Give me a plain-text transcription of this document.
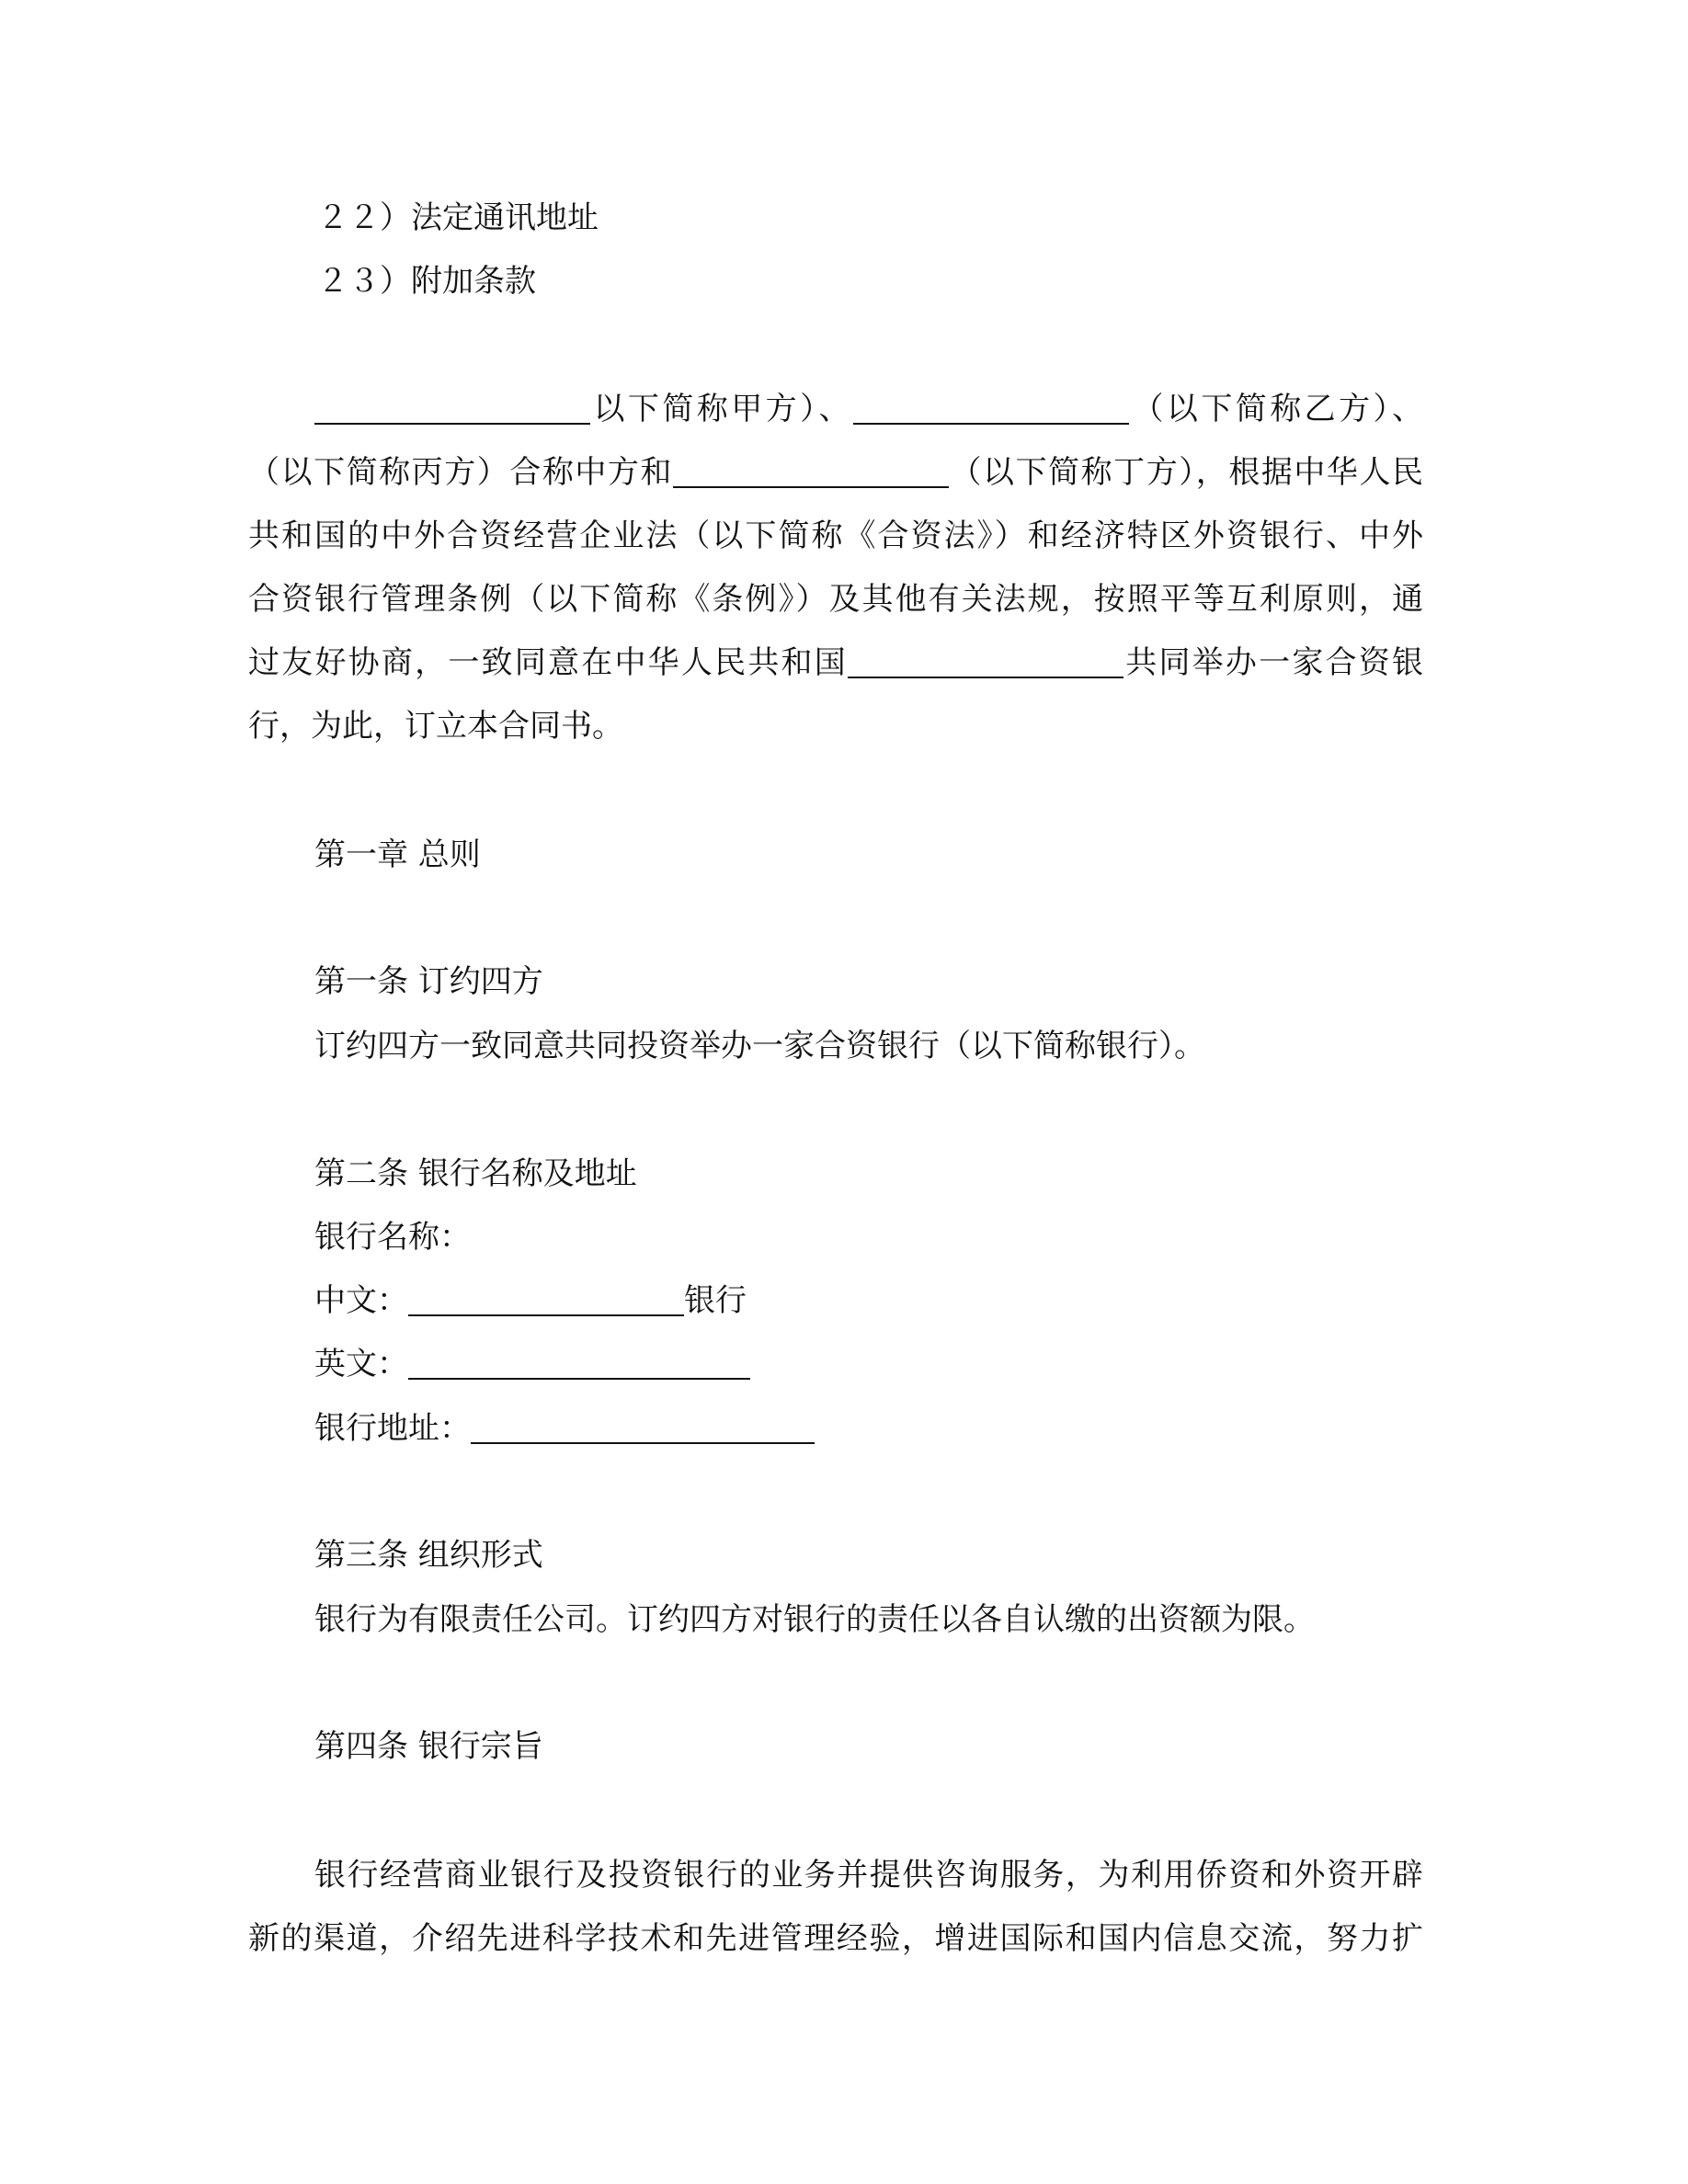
２２）法定通讯地址
２３）附加条款
以下简称甲方）、	（以下简称乙方）、
（以下简称丙方）合称中方和	（以下简称丁方），根据中华人民
共和国的中外合资经营企业法（以下简称《合资法》）和经济特区外资银行、中外
合资银行管理条例（以下简称《条例》）及其他有关法规，按照平等互利原则，通
过友好协商，一致同意在中华人民共和国	共同举办一家合资银
行，为此，订立本合同书。
第一章 总则
第一条 订约四方
订约四方一致同意共同投资举办一家合资银行（以下简称银行）。
第二条 银行名称及地址
银行名称：
中文：	银行
英文：
银行地址：
第三条 组织形式
银行为有限责任公司。订约四方对银行的责任以各自认缴的出资额为限。
第四条 银行宗旨
银行经营商业银行及投资银行的业务并提供咨询服务，为利用侨资和外资开辟
新的渠道，介绍先进科学技术和先进管理经验，增进国际和国内信息交流，努力扩
